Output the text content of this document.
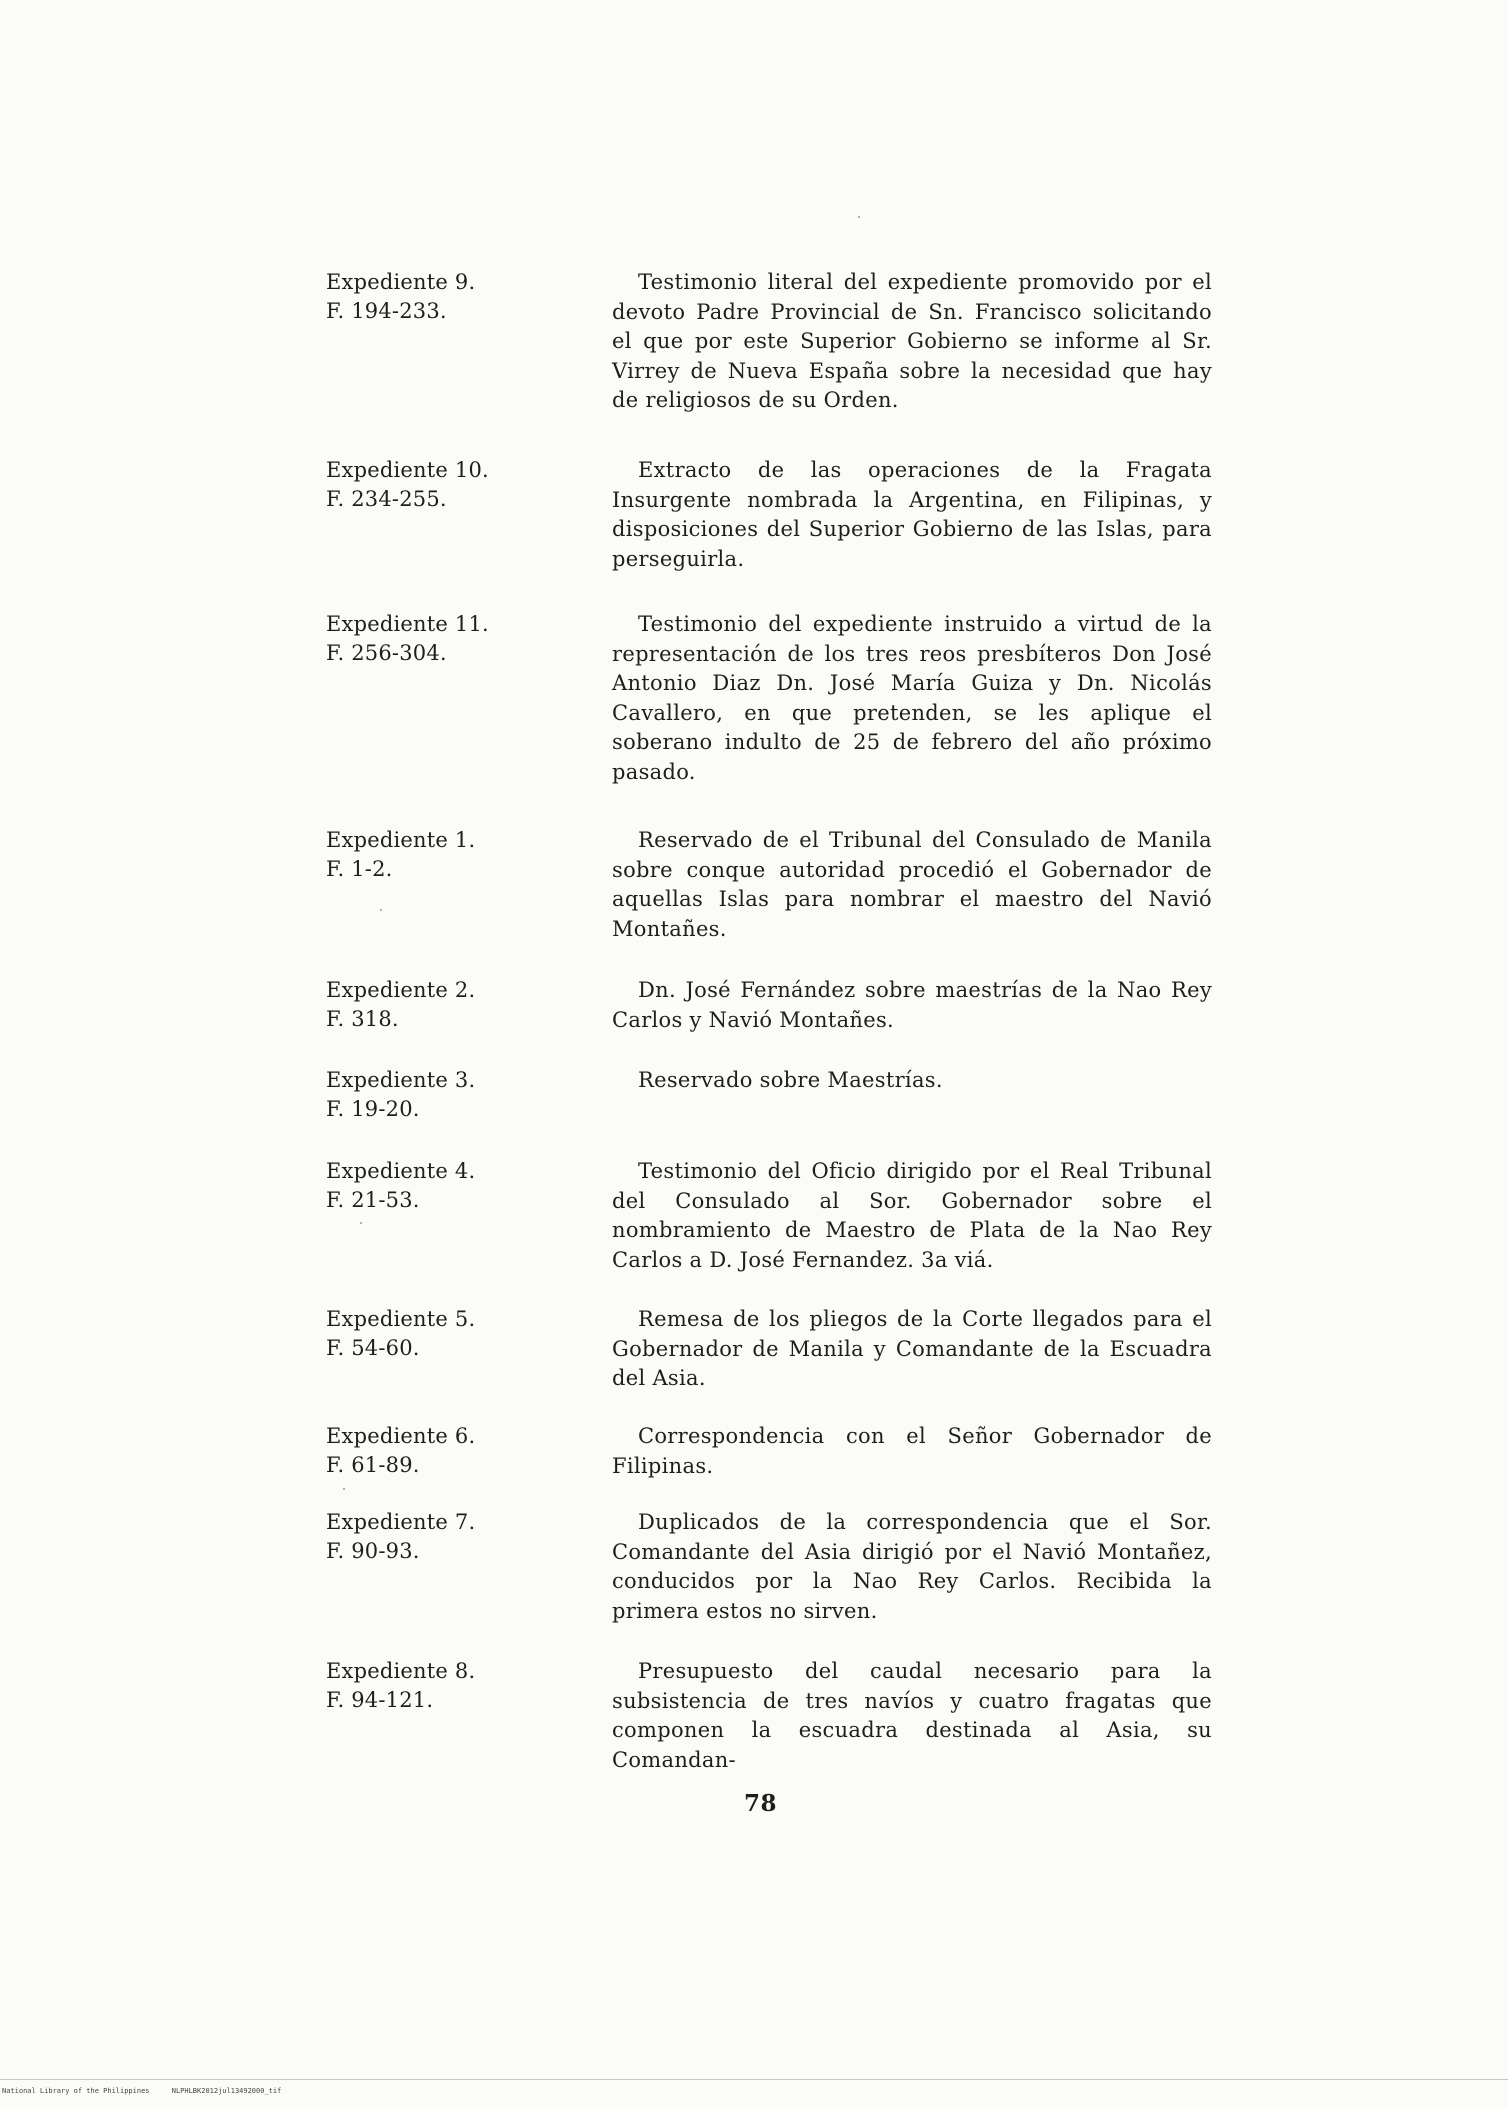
Expediente 9.
F. 194-233.
Testimonio literal del expediente promovido por el devoto Padre Provincial de Sn. Francisco solicitando el que por este Superior Gobierno se informe al Sr. Virrey de Nueva España sobre la necesidad que hay de religiosos de su Orden.
Expediente 10.
F. 234-255.
Extracto de las operaciones de la Fragata Insurgente nombrada la Argentina, en Filipinas, y disposiciones del Superior Gobierno de las Islas, para perseguirla.
Expediente 11.
F. 256-304.
Testimonio del expediente instruido a virtud de la representación de los tres reos presbíteros Don José Antonio Diaz Dn. José María Guiza y Dn. Nicolás Cavallero, en que pretenden, se les aplique el soberano indulto de 25 de febrero del año próximo pasado.
Expediente 1.
F. 1-2.
Reservado de el Tribunal del Consulado de Manila sobre conque autoridad procedió el Gobernador de aquellas Islas para nombrar el maestro del Navió Montañes.
Expediente 2.
F. 318.
Dn. José Fernández sobre maestrías de la Nao Rey Carlos y Navió Montañes.
Expediente 3.
F. 19-20.
Reservado sobre Maestrías.
Expediente 4.
F. 21-53.
Testimonio del Oficio dirigido por el Real Tribunal del Consulado al Sor. Gobernador sobre el nombramiento de Maestro de Plata de la Nao Rey Carlos a D. José Fernandez. 3a viá.
Expediente 5.
F. 54-60.
Remesa de los pliegos de la Corte llegados para el Gobernador de Manila y Comandante de la Escuadra del Asia.
Expediente 6.
F. 61-89.
Correspondencia con el Señor Gobernador de Filipinas.
Expediente 7.
F. 90-93.
Duplicados de la correspondencia que el Sor. Comandante del Asia dirigió por el Navió Montañez, conducidos por la Nao Rey Carlos. Recibida la primera estos no sirven.
Expediente 8.
F. 94-121.
Presupuesto del caudal necesario para la subsistencia de tres navíos y cuatro fragatas que componen la escuadra destinada al Asia, su Comandan-
78
National Library of the Philippines	NLPHLBK2012jul13492000_tif
